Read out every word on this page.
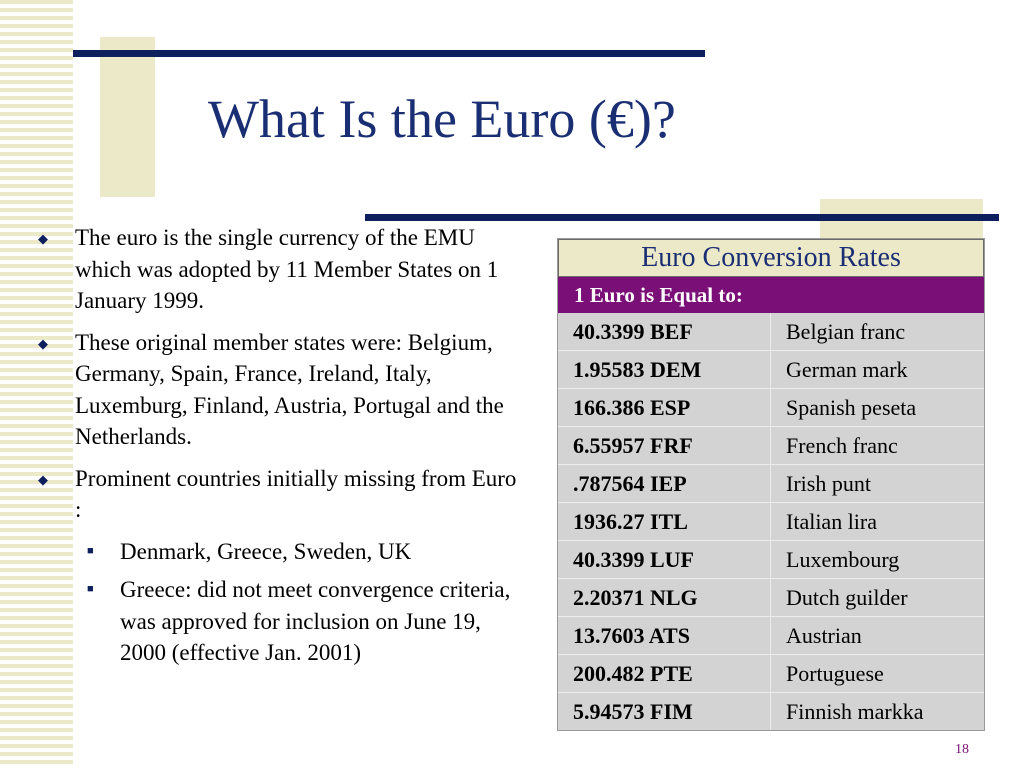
What Is the Euro (€)?
◆ The euro is the single currency of the EMU which was adopted by 11 Member States on 1 January 1999.
◆ These original member states were: Belgium, Germany, Spain, France, Ireland, Italy, Luxemburg, Finland, Austria, Portugal and the Netherlands.
◆ Prominent countries initially missing from Euro :
■ Denmark, Greece, Sweden, UK
■ Greece: did not meet convergence criteria, was approved for inclusion on June 19, 2000 (effective Jan. 2001)
Euro Conversion Rates
1 Euro is Equal to:
40.3399 BEF	Belgian franc
1.95583 DEM	German mark
166.386 ESP	Spanish peseta
6.55957 FRF	French franc
.787564 IEP	Irish punt
1936.27 ITL	Italian lira
40.3399 LUF	Luxembourg
2.20371 NLG	Dutch guilder
13.7603 ATS	Austrian
200.482 PTE	Portuguese
5.94573 FIM	Finnish markka
18
